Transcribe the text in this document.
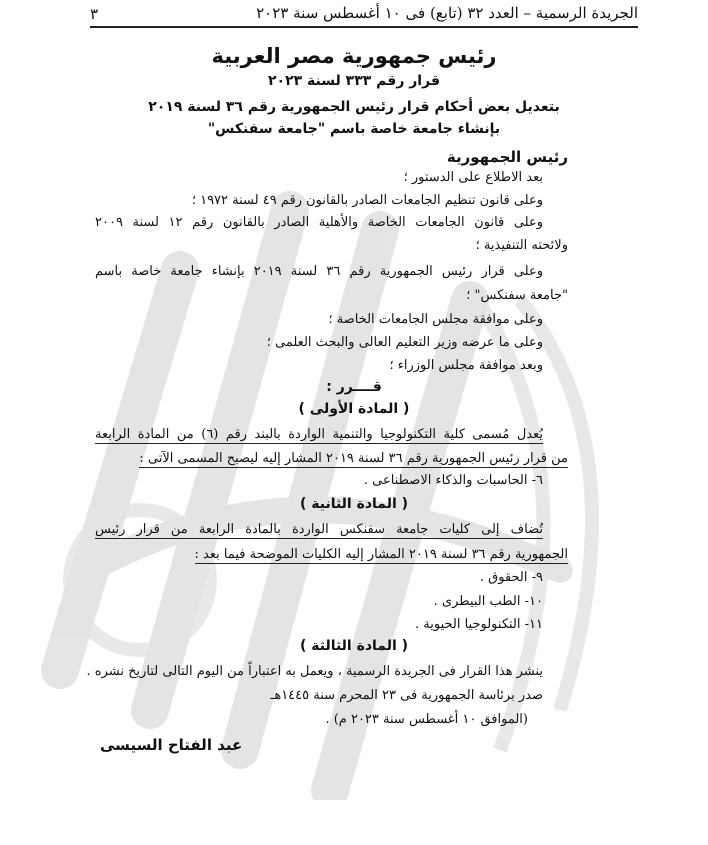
الجريدة الرسمية – العدد ٣٢ (تابع) فى ١٠ أغسطس سنة ٢٠٢٣
٣
رئيس جمهورية مصر العربية
قرار رقم ٣٣٣ لسنة ٢٠٢٣
بتعديل بعض أحكام قرار رئيس الجمهورية رقم ٣٦ لسنة ٢٠١٩
بإنشاء جامعة خاصة باسم "جامعة سفنكس"
رئيس الجمهورية
بعد الاطلاع على الدستور ؛
وعلى قانون تنظيم الجامعات الصادر بالقانون رقم ٤٩ لسنة ١٩٧٢ ؛
وعلى قانون الجامعات الخاصة والأهلية الصادر بالقانون رقم ١٢ لسنة ٢٠٠٩
ولائحته التنفيذية ؛
وعلى قرار رئيس الجمهورية رقم ٣٦ لسنة ٢٠١٩ بإنشاء جامعة خاصة باسم
"جامعة سفنكس" ؛
وعلى موافقة مجلس الجامعات الخاصة ؛
وعلى ما عرضه وزير التعليم العالى والبحث العلمى ؛
وبعد موافقة مجلس الوزراء ؛
قــــرر :
( المادة الأولى )
يُعدل مُسمى كلية التكنولوجيا والتنمية الواردة بالبند رقم (٦) من المادة الرابعة
من قرار رئيس الجمهورية رقم ٣٦ لسنة ٢٠١٩ المشار إليه ليصبح المسمى الآتى :
٦- الحاسبات والذكاء الاصطناعى .
( المادة الثانية )
تُضاف إلى كليات جامعة سفنكس الواردة بالمادة الرابعة من قرار رئيس
الجمهورية رقم ٣٦ لسنة ٢٠١٩ المشار إليه الكليات الموضحة فيما بعد :
٩- الحقوق .
١٠- الطب البيطرى .
١١- التكنولوجيا الحيوية .
( المادة الثالثة )
ينشر هذا القرار فى الجريدة الرسمية ، ويعمل به اعتباراً من اليوم التالى لتاريخ نشره .
صدر برئاسة الجمهورية فى ٢٣ المحرم سنة ١٤٤٥هـ
(الموافق ١٠ أغسطس سنة ٢٠٢٣ م) .
عبد الفتاح السيسى
